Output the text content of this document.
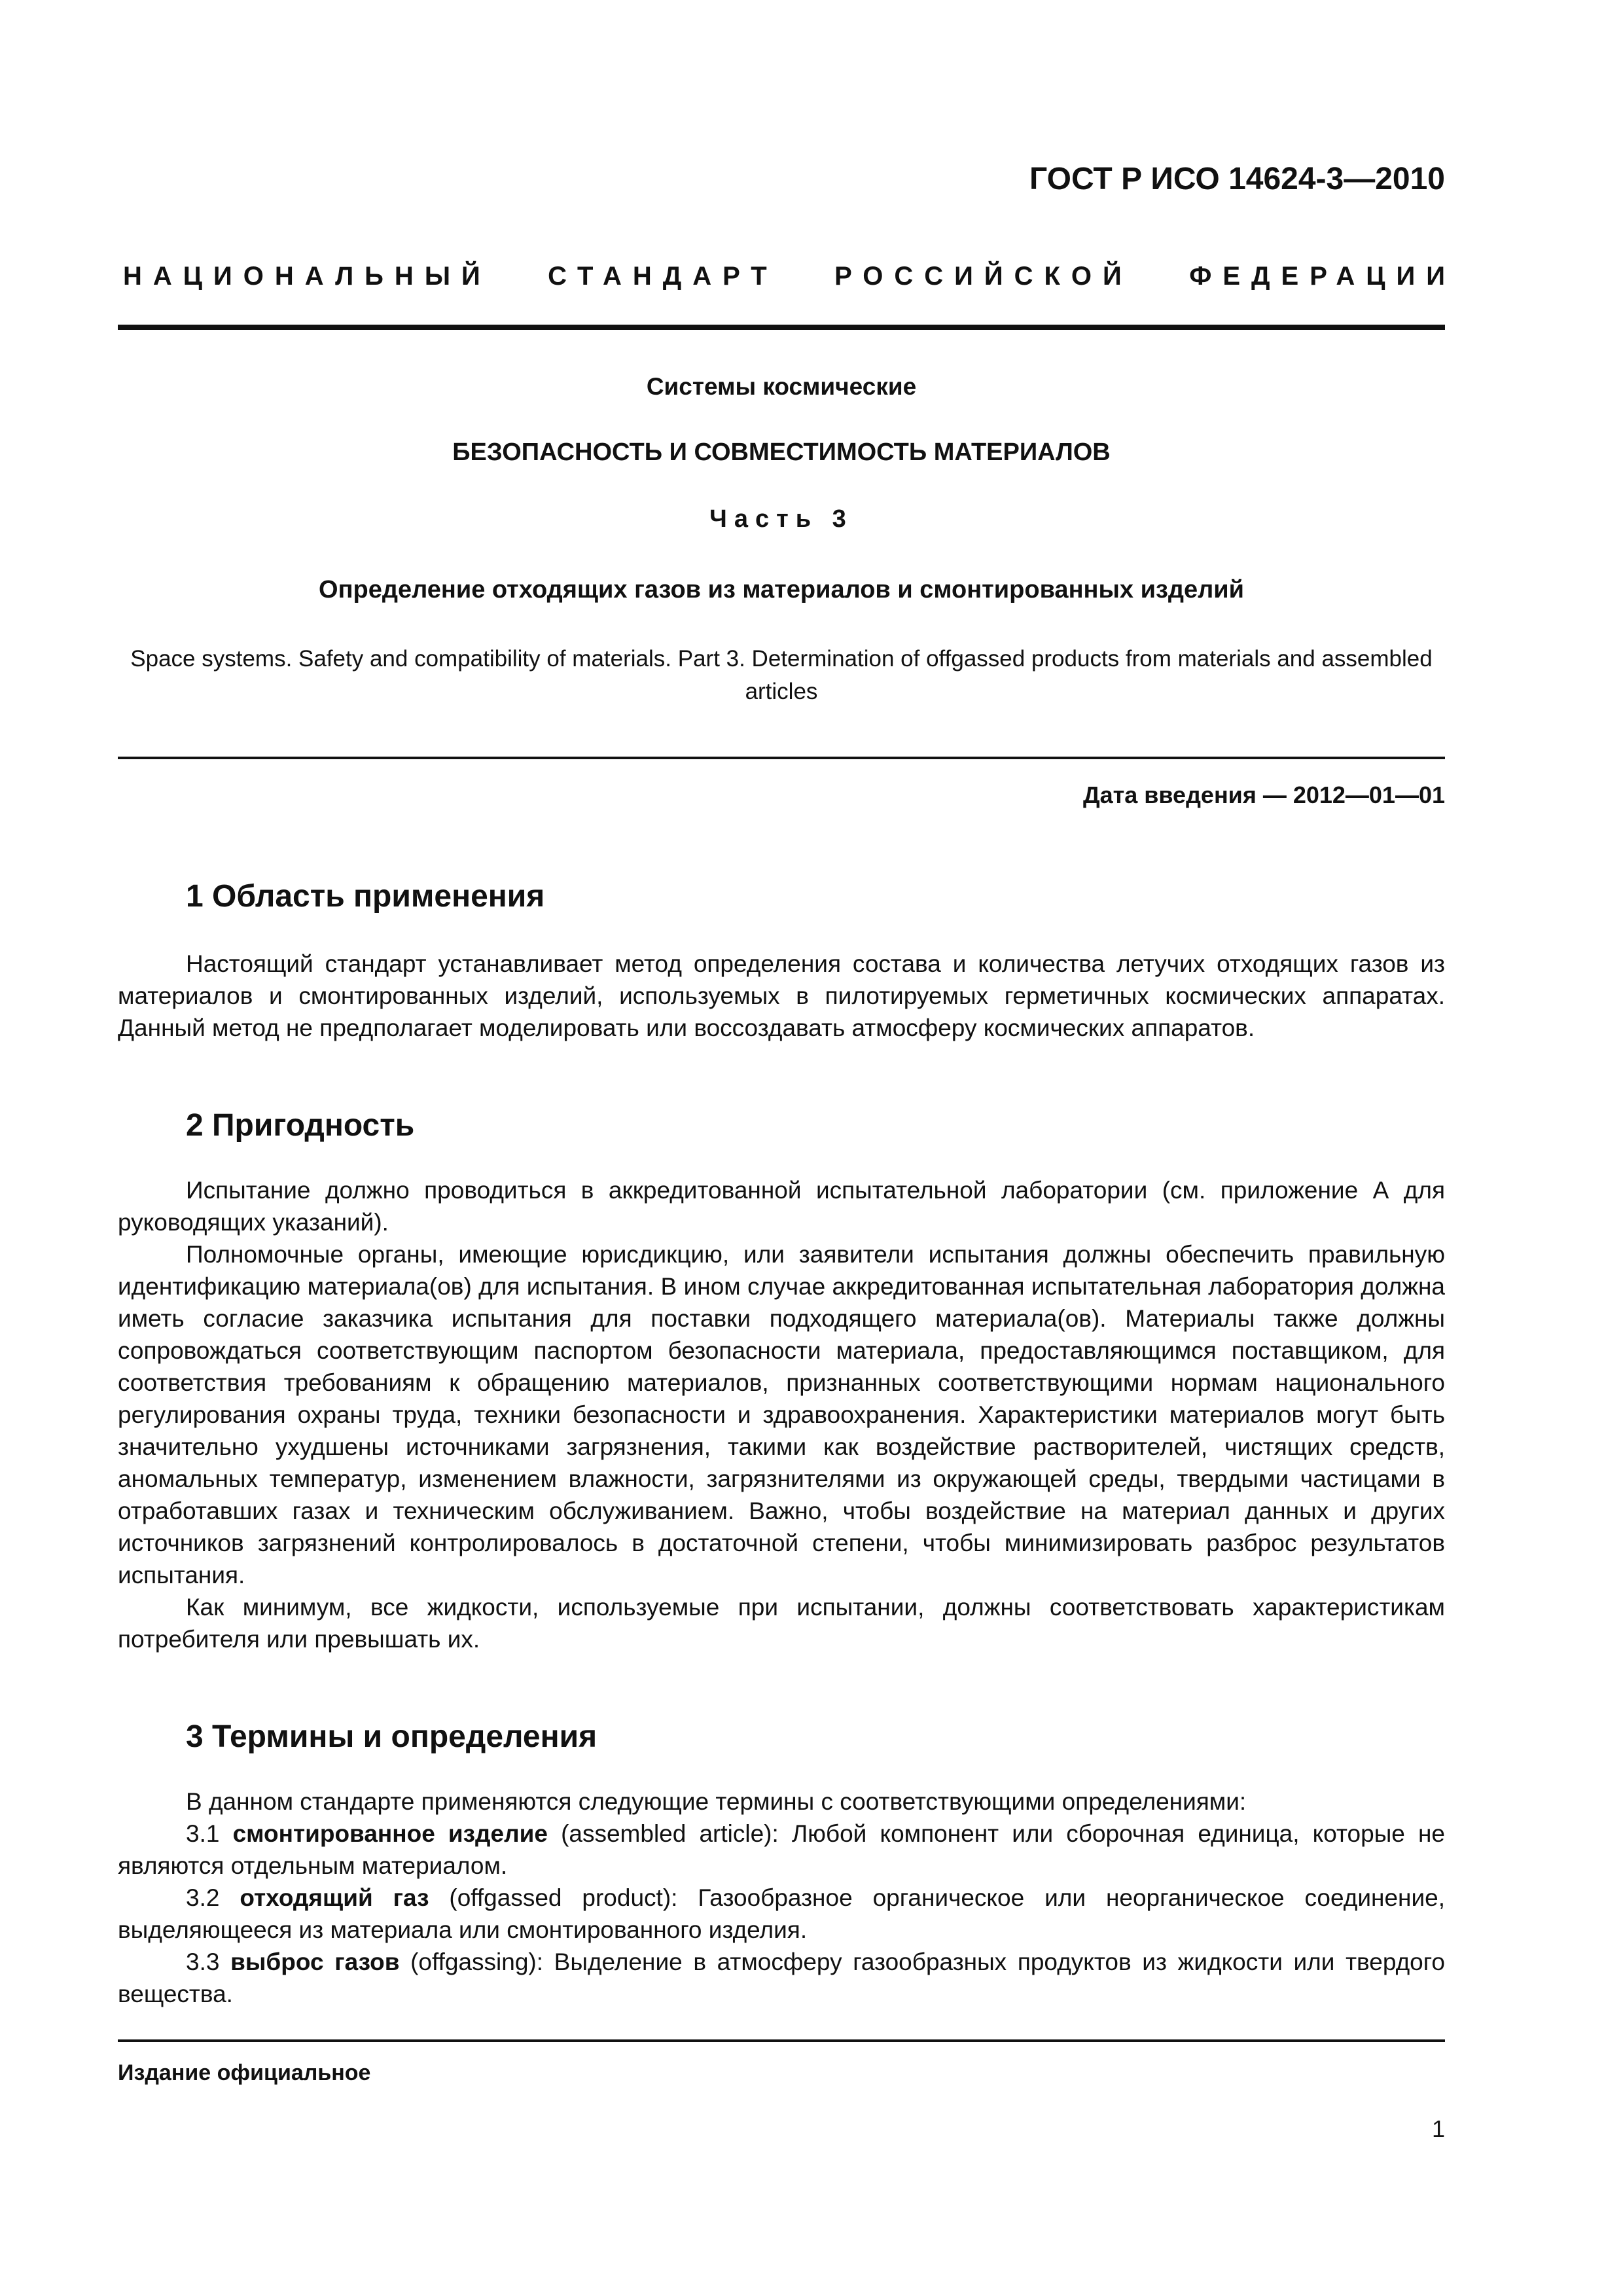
ГОСТ Р ИСО 14624-3—2010
НАЦИОНАЛЬНЫЙ СТАНДАРТ РОССИЙСКОЙ ФЕДЕРАЦИИ
Системы космические
БЕЗОПАСНОСТЬ И СОВМЕСТИМОСТЬ МАТЕРИАЛОВ
Часть 3
Определение отходящих газов из материалов и смонтированных изделий
Space systems. Safety and compatibility of materials. Part 3. Determination of offgassed products from materials and assembled articles
Дата введения — 2012—01—01
1 Область применения

Настоящий стандарт устанавливает метод определения состава и количества летучих отходящих газов из материалов и смонтированных изделий, используемых в пилотируемых герметичных космических аппаратах. Данный метод не предполагает моделировать или воссоздавать атмосферу космических аппаратов.

2 Пригодность

Испытание должно проводиться в аккредитованной испытательной лаборатории (см. приложение А для руководящих указаний).

Полномочные органы, имеющие юрисдикцию, или заявители испытания должны обеспечить правильную идентификацию материала(ов) для испытания. В ином случае аккредитованная испытательная лаборатория должна иметь согласие заказчика испытания для поставки подходящего материала(ов). Материалы также должны сопровождаться соответствующим паспортом безопасности материала, предоставляющимся поставщиком, для соответствия требованиям к обращению материалов, признанных соответствующими нормам национального регулирования охраны труда, техники безопасности и здравоохранения. Характеристики материалов могут быть значительно ухудшены источниками загрязнения, такими как воздействие растворителей, чистящих средств, аномальных температур, изменением влажности, загрязнителями из окружающей среды, твердыми частицами в отработавших газах и техническим обслуживанием. Важно, чтобы воздействие на материал данных и других источников загрязнений контролировалось в достаточной степени, чтобы минимизировать разброс результатов испытания.

Как минимум, все жидкости, используемые при испытании, должны соответствовать характеристикам потребителя или превышать их.

3 Термины и определения

В данном стандарте применяются следующие термины с соответствующими определениями:

3.1 смонтированное изделие (assembled article): Любой компонент или сборочная единица, которые не являются отдельным материалом.

3.2 отходящий газ (offgassed product): Газообразное органическое или неорганическое соединение, выделяющееся из материала или смонтированного изделия.

3.3 выброс газов (offgassing): Выделение в атмосферу газообразных продуктов из жидкости или твердого вещества.

Издание официальное
1
